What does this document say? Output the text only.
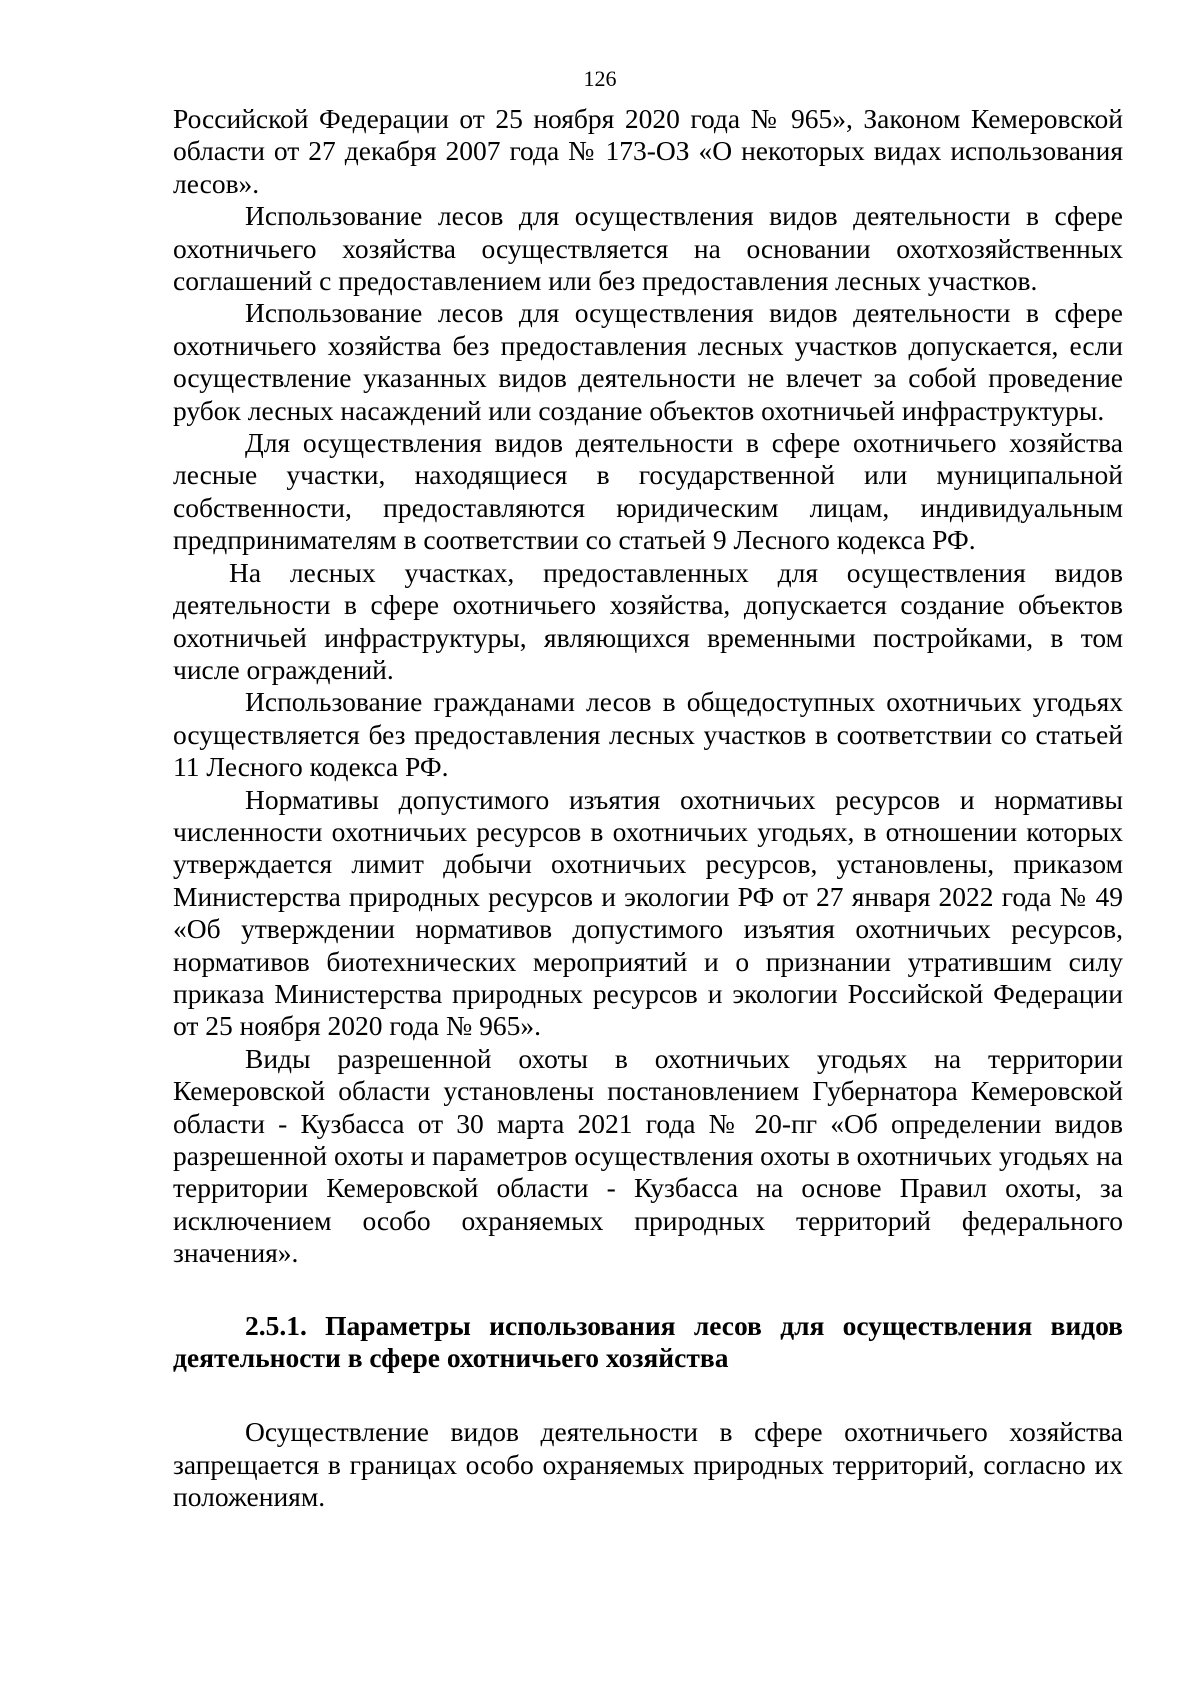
126

Российской Федерации от 25 ноября 2020 года № 965», Законом Кемеровской области от 27 декабря 2007 года № 173-ОЗ «О некоторых видах использования лесов».

Использование лесов для осуществления видов деятельности в сфере охотничьего хозяйства осуществляется на основании охотхозяйственных соглашений с предоставлением или без предоставления лесных участков.

Использование лесов для осуществления видов деятельности в сфере охотничьего хозяйства без предоставления лесных участков допускается, если осуществление указанных видов деятельности не влечет за собой проведение рубок лесных насаждений или создание объектов охотничьей инфраструктуры.

Для осуществления видов деятельности в сфере охотничьего хозяйства лесные участки, находящиеся в государственной или муниципальной собственности, предоставляются юридическим лицам, индивидуальным предпринимателям в соответствии со статьей 9 Лесного кодекса РФ.

На лесных участках, предоставленных для осуществления видов деятельности в сфере охотничьего хозяйства, допускается создание объектов охотничьей инфраструктуры, являющихся временными постройками, в том числе ограждений.

Использование гражданами лесов в общедоступных охотничьих угодьях осуществляется без предоставления лесных участков в соответствии со статьей 11 Лесного кодекса РФ.

Нормативы допустимого изъятия охотничьих ресурсов и нормативы численности охотничьих ресурсов в охотничьих угодьях, в отношении которых утверждается лимит добычи охотничьих ресурсов, установлены, приказом Министерства природных ресурсов и экологии РФ от 27 января 2022 года № 49 «Об утверждении нормативов допустимого изъятия охотничьих ресурсов, нормативов биотехнических мероприятий и о признании утратившим силу приказа Министерства природных ресурсов и экологии Российской Федерации от 25 ноября 2020 года № 965».

Виды разрешенной охоты в охотничьих угодьях на территории Кемеровской области установлены постановлением Губернатора Кемеровской области - Кузбасса от 30 марта 2021 года № 20-пг «Об определении видов разрешенной охоты и параметров осуществления охоты в охотничьих угодьях на территории Кемеровской области - Кузбасса на основе Правил охоты, за исключением особо охраняемых природных территорий федерального значения».

2.5.1. Параметры использования лесов для осуществления видов деятельности в сфере охотничьего хозяйства

Осуществление видов деятельности в сфере охотничьего хозяйства запрещается в границах особо охраняемых природных территорий, согласно их положениям.
